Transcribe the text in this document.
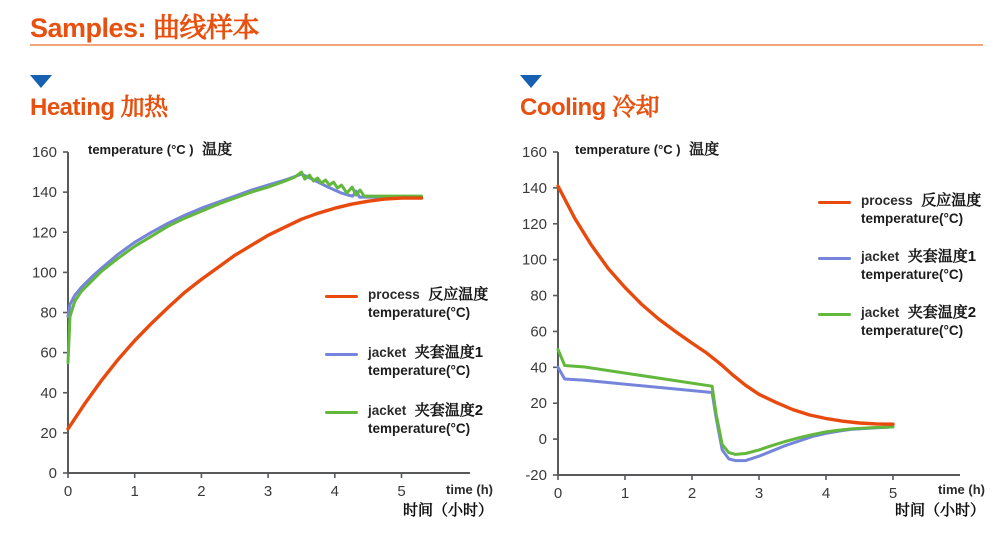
Samples: 曲线样本
Heating 加热
temperature (°C ) 温度
0
20
40
60
80
100
120
140
160
0	1	2	3	4	5
process 反应温度
temperature(°C)
jacket 夹套温度1
temperature(°C)
jacket 夹套温度2
temperature(°C)
time (h)
时间（小时）
Cooling 冷却
temperature (°C ) 温度
-20
0
20
40
60
80
100
120
140
160
0	1	2	3	4	5
process 反应温度
temperature(°C)
jacket 夹套温度1
temperature(°C)
jacket 夹套温度2
temperature(°C)
time (h)
时间（小时）
